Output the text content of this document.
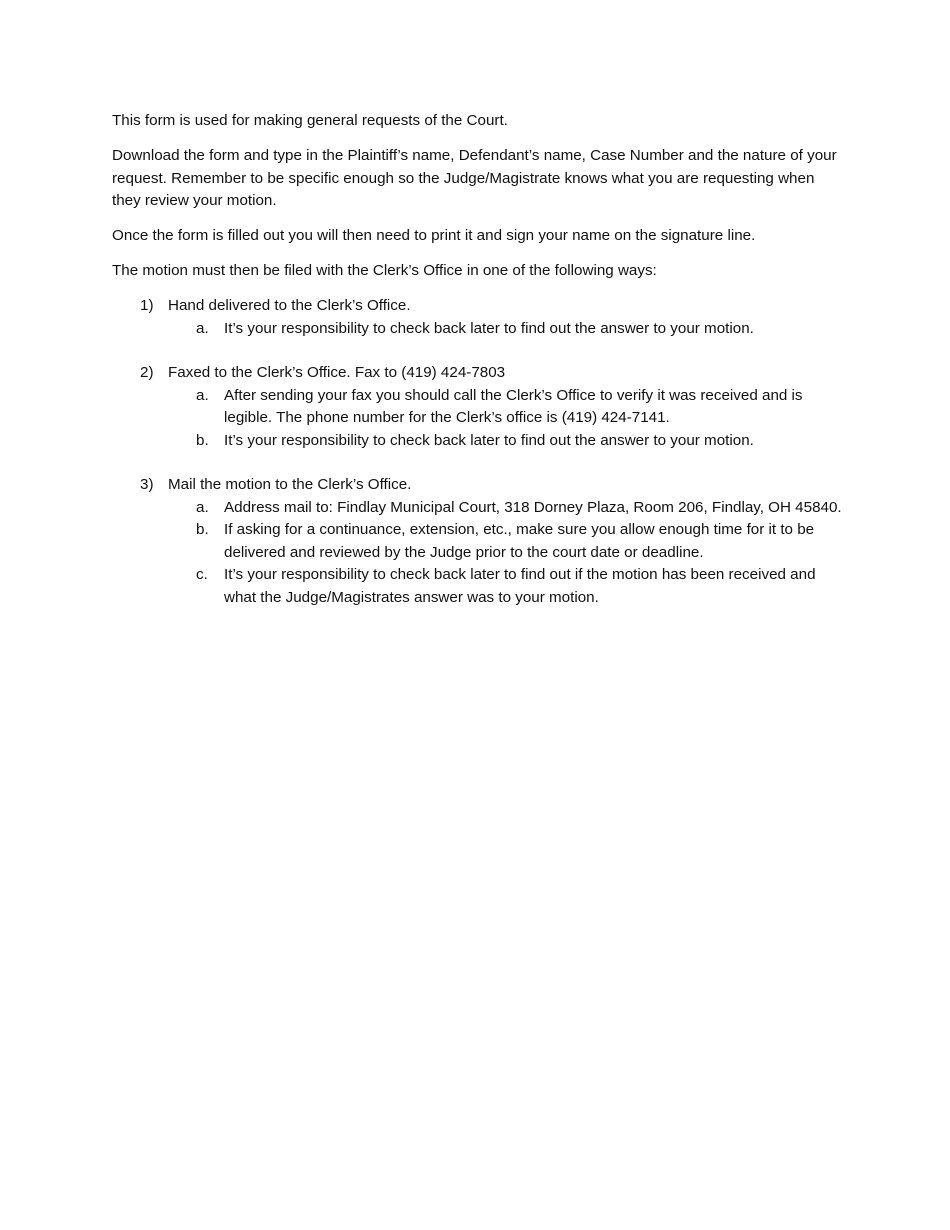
This form is used for making general requests of the Court.

Download the form and type in the Plaintiff’s name, Defendant’s name, Case Number and the nature of your request. Remember to be specific enough so the Judge/Magistrate knows what you are requesting when they review your motion.

Once the form is filled out you will then need to print it and sign your name on the signature line.

The motion must then be filed with the Clerk’s Office in one of the following ways:

1) Hand delivered to the Clerk’s Office.
a. It’s your responsibility to check back later to find out the answer to your motion.
2) Faxed to the Clerk’s Office. Fax to (419) 424-7803
a. After sending your fax you should call the Clerk’s Office to verify it was received and is legible. The phone number for the Clerk’s office is (419) 424-7141.
b. It’s your responsibility to check back later to find out the answer to your motion.
3) Mail the motion to the Clerk’s Office.
a. Address mail to: Findlay Municipal Court, 318 Dorney Plaza, Room 206, Findlay, OH 45840.
b. If asking for a continuance, extension, etc., make sure you allow enough time for it to be delivered and reviewed by the Judge prior to the court date or deadline.
c. It’s your responsibility to check back later to find out if the motion has been received and what the Judge/Magistrates answer was to your motion.
